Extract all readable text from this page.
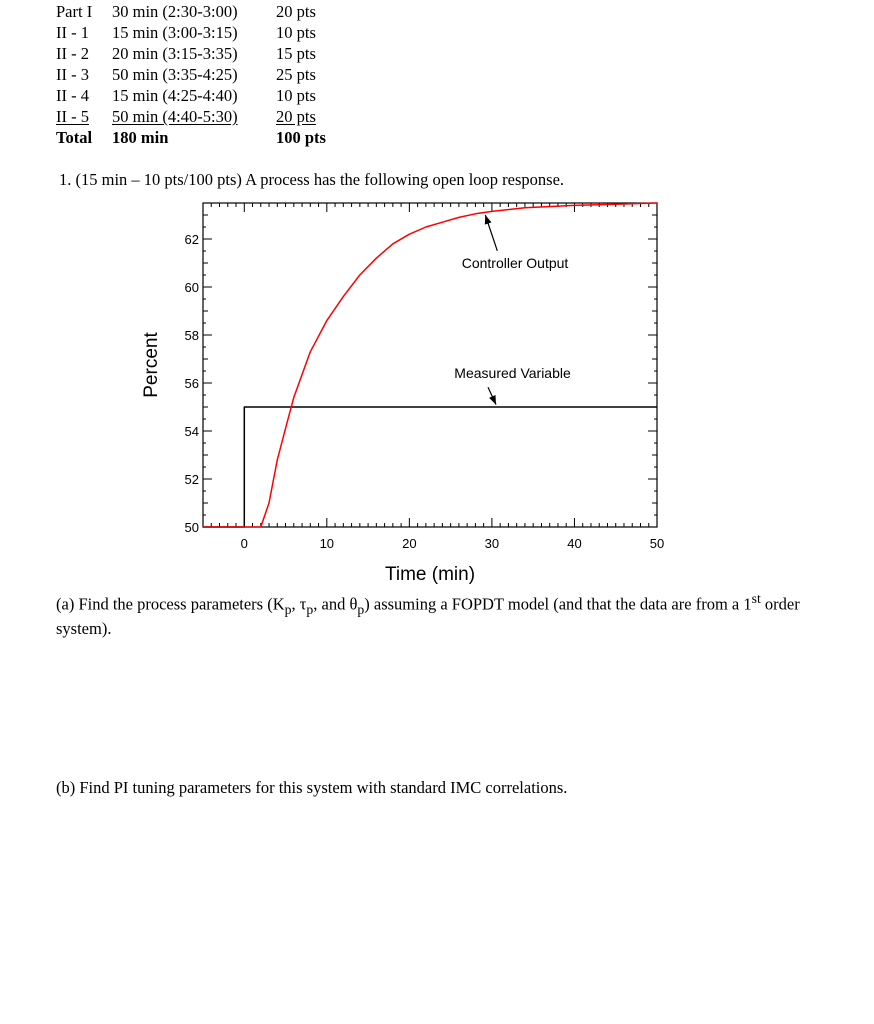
Part I 30 min (2:30-3:00) 20 pts
II - 1 15 min (3:00-3:15) 10 pts
II - 2 20 min (3:15-3:35) 15 pts
II - 3 50 min (3:35-4:25) 25 pts
II - 4 15 min (4:25-4:40) 10 pts
II - 5 50 min (4:40-5:30) 20 pts
Total 180 min	100 pts
1. (15 min – 10 pts/100 pts) A process has the following open loop response.
0	10	20	30	40	50
50
52
54
56
58
60
62
Time (min)
Percent
Controller Output
Measured Variable
(a) Find the process parameters ($K_p$, $\tau_p$, and $\theta_p$) assuming a FOPDT model (and that the data are from a 1st order system).
(b) Find PI tuning parameters for this system with standard IMC correlations.
